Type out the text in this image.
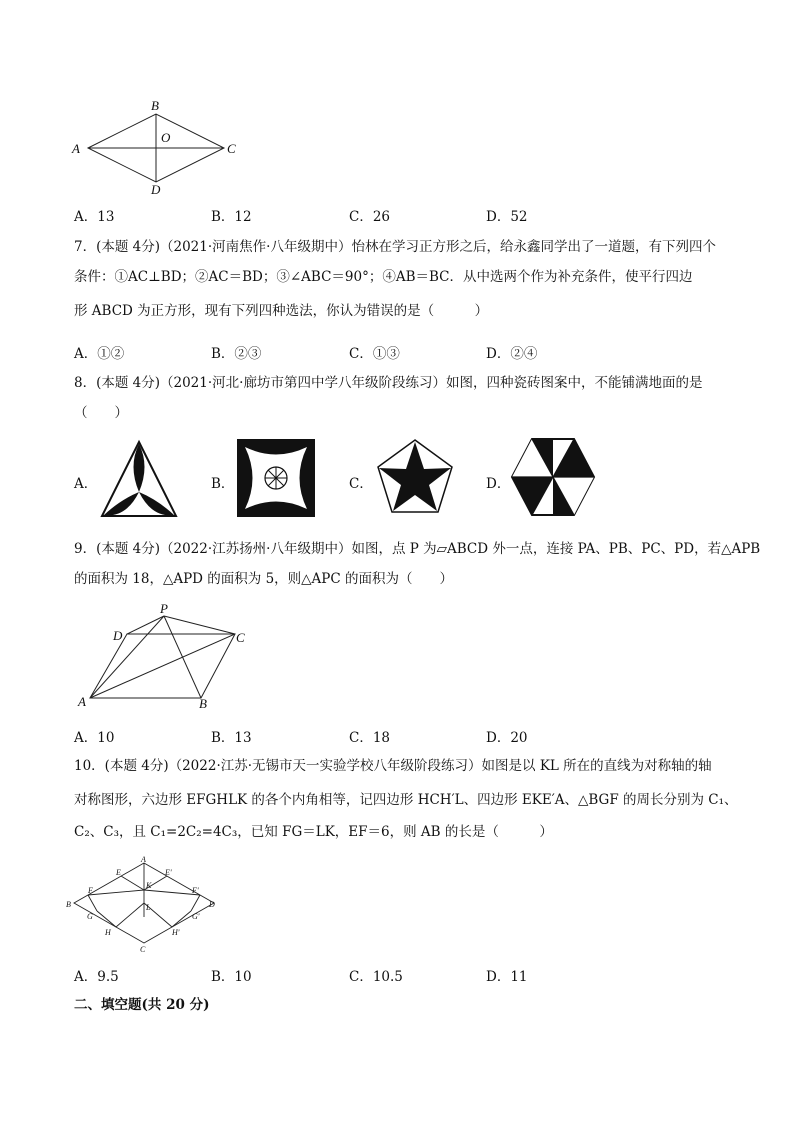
A
B
C
D
O
A．13	B．12	C．26	D．52
7．(本题 4分)（2021·河南焦作·八年级期中）怡林在学习正方形之后，给永鑫同学出了一道题，有下列四个
条件：①AC⊥BD；②AC＝BD；③∠ABC＝90°；④AB＝BC．从中选两个作为补充条件，使平行四边
形 ABCD 为正方形，现有下列四种选法，你认为错误的是（　　　）
A．①②	B．②③	C．①③	D．②④
8．(本题 4分)（2021·河北·廊坊市第四中学八年级阶段练习）如图，四种瓷砖图案中，不能铺满地面的是
（　　）
A．	B．	C．	D．
9．(本题 4分)（2022·江苏扬州·八年级期中）如图，点 P 为▱ABCD 外一点，连接 PA、PB、PC、PD，若△APB
的面积为 18，△APD 的面积为 5，则△APC 的面积为（　　）
P
D	C
A	B
A．10	B．13	C．18	D．20
10．(本题 4分)（2022·江苏·无锡市天一实验学校八年级阶段练习）如图是以 KL 所在的直线为对称轴的轴
对称图形，六边形 EFGHLK 的各个内角相等，记四边形 HCH′L、四边形 EKE′A、△BGF 的周长分别为 C₁、
C₂、C₃，且 C₁=2C₂=4C₃，已知 FG＝LK，EF＝6，则 AB 的长是（　　　）
A
E	E'
F	F'
K
B	D
L
G	G'
H	H'
C
A．9.5	B．10	C．10.5	D．11
二、填空题(共 20 分)
